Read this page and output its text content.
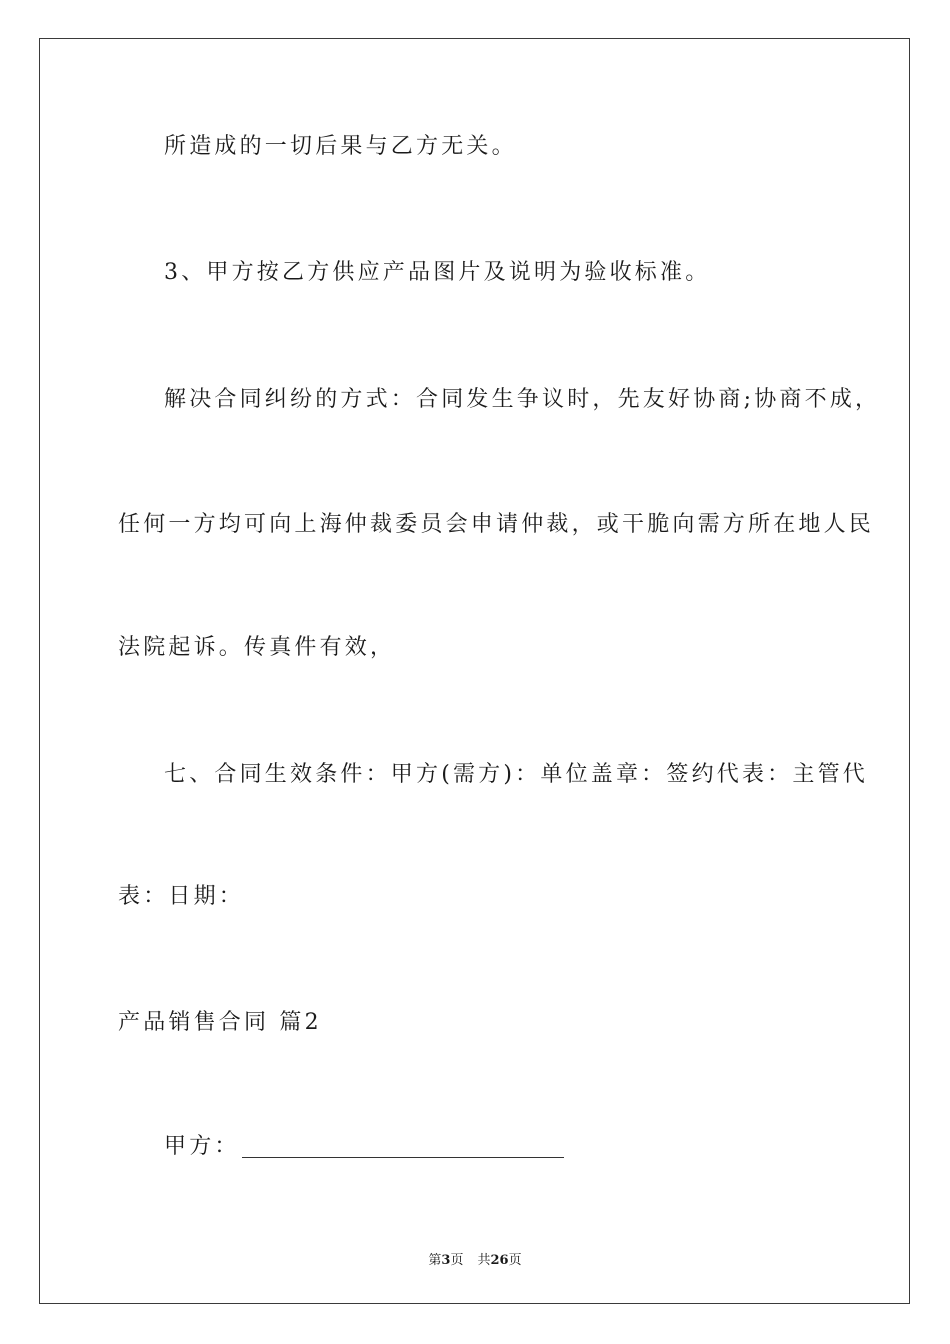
所造成的一切后果与乙方无关。
3、甲方按乙方供应产品图片及说明为验收标准。
解决合同纠纷的方式：合同发生争议时，先友好协商;协商不成，
任何一方均可向上海仲裁委员会申请仲裁，或干脆向需方所在地人民
法院起诉。传真件有效，
七、合同生效条件：甲方(需方)：单位盖章：签约代表：主管代
表：日期：
产品销售合同 篇2
甲方：
第3页 共26页
